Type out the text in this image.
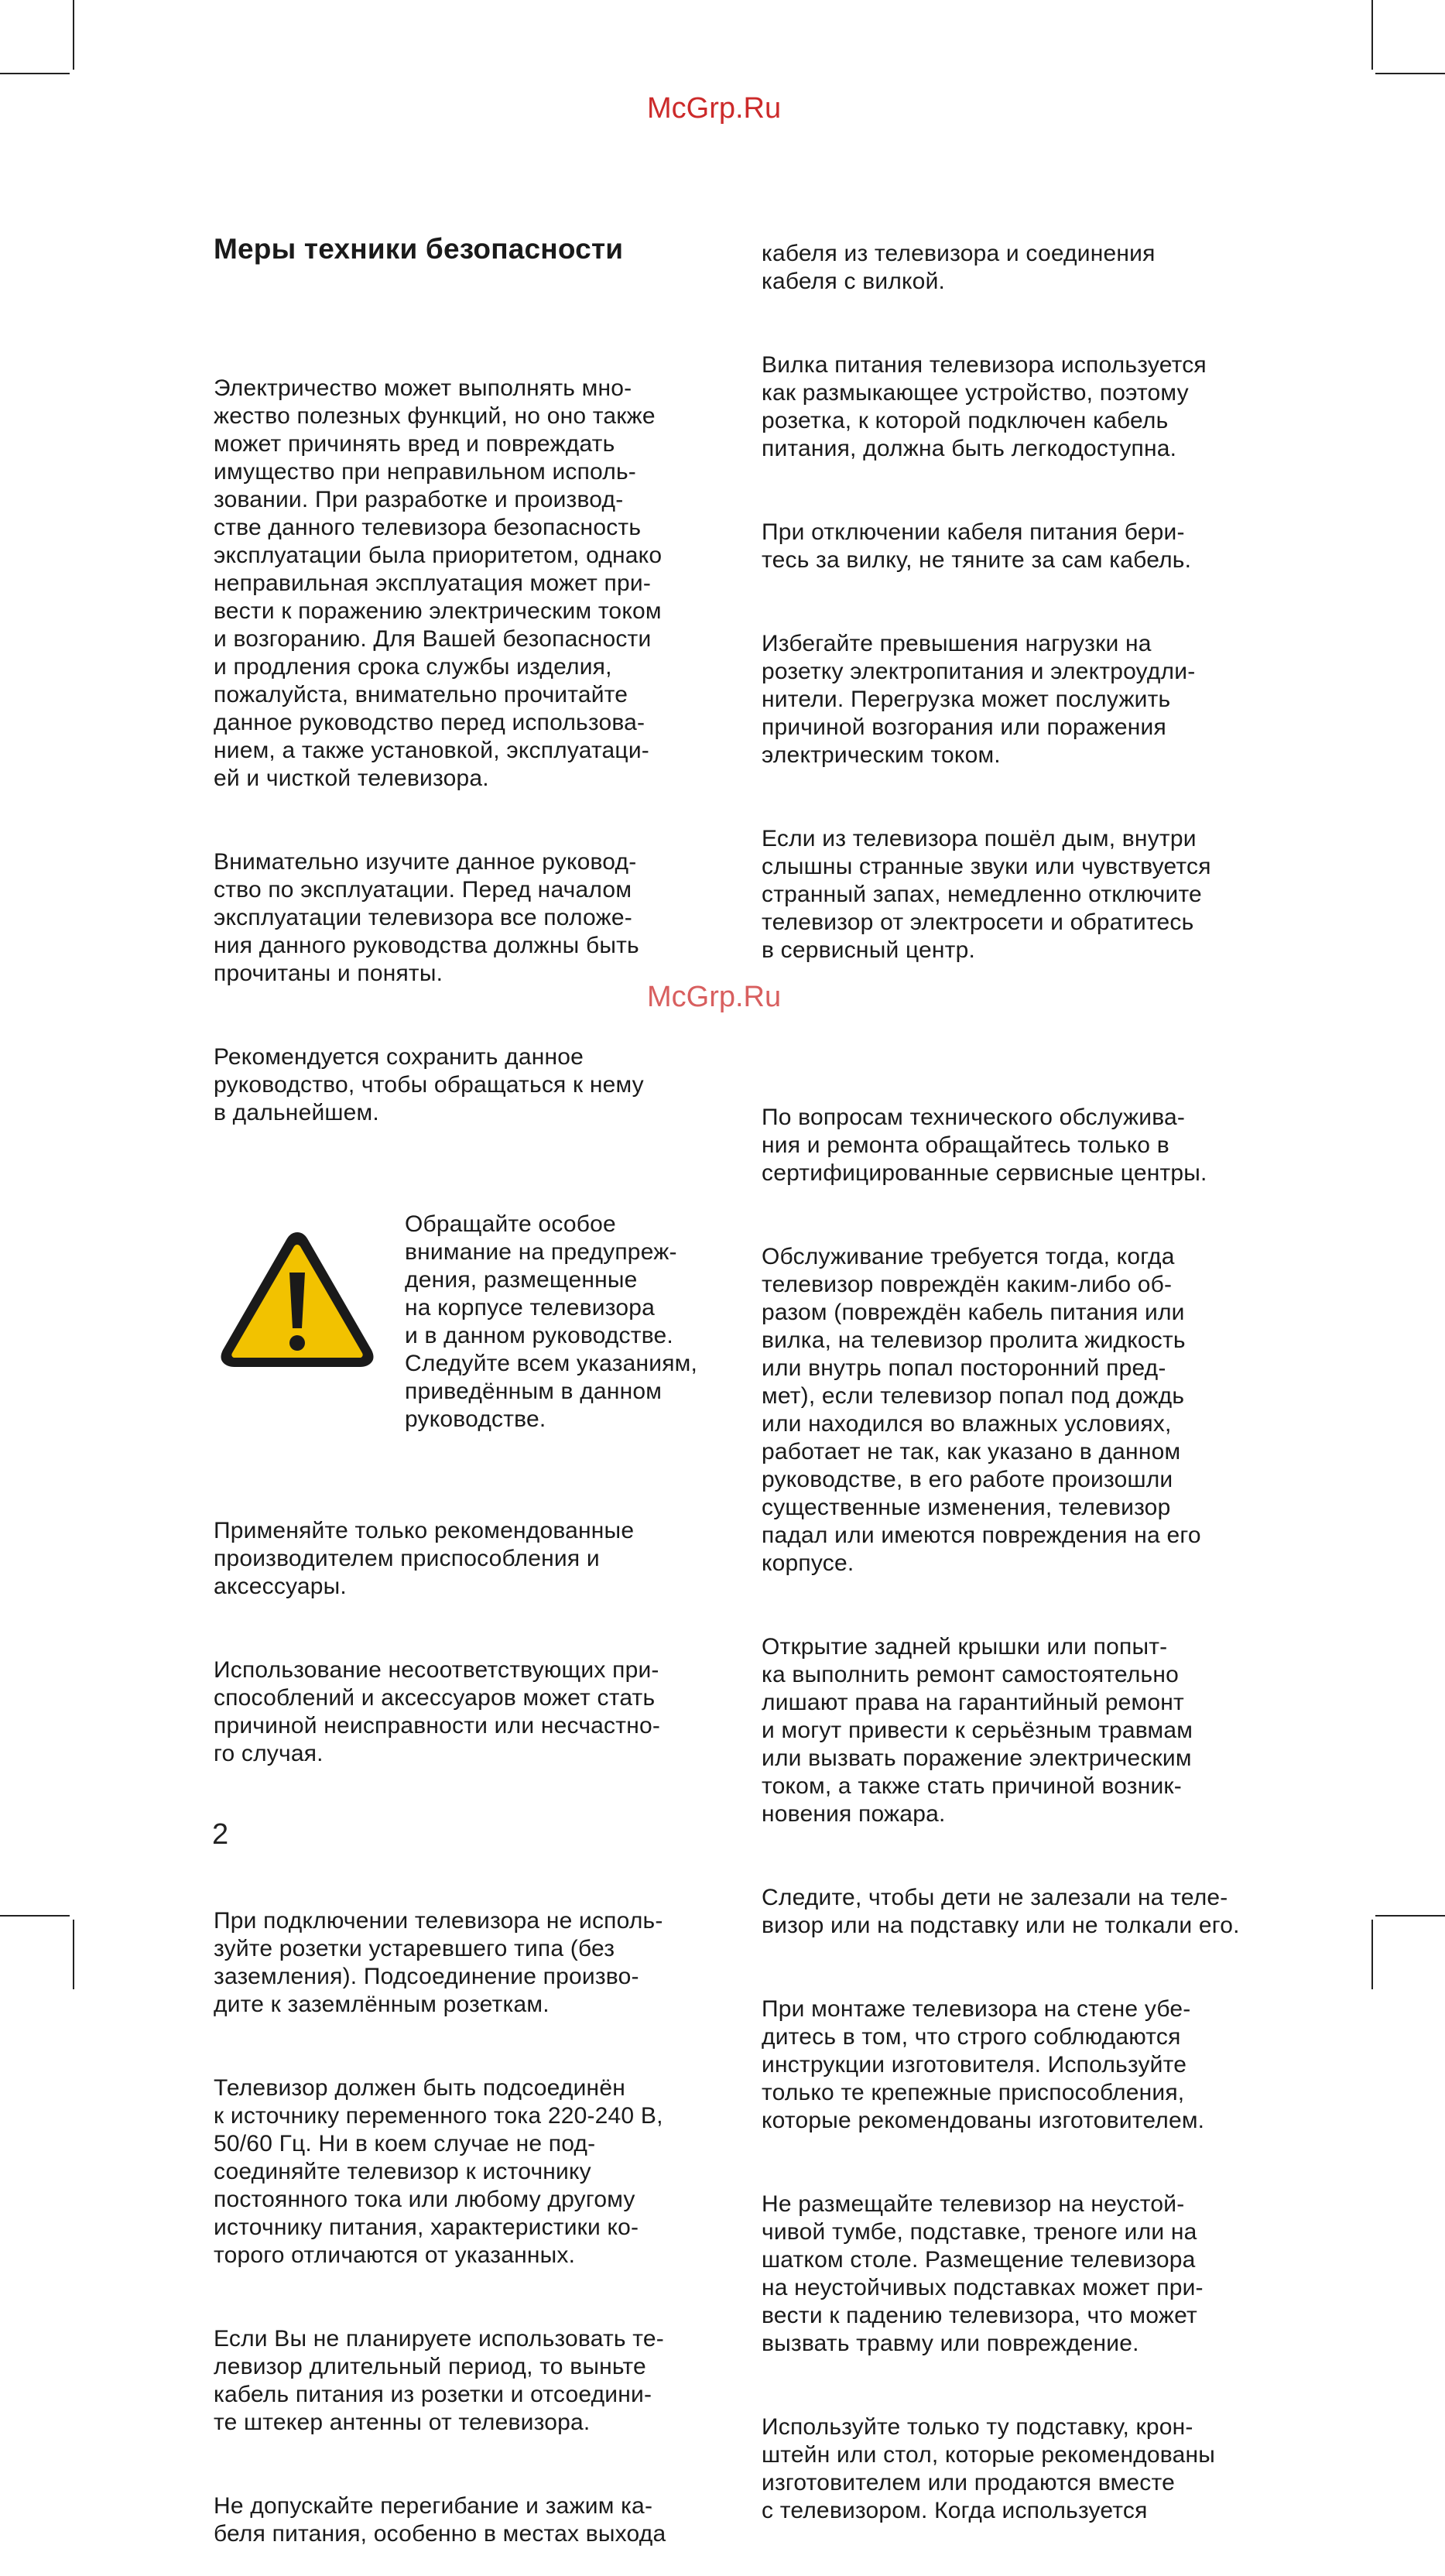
McGrp.Ru

Меры техники безопасности

Электричество может выполнять мно-
жество полезных функций, но оно также
может причинять вред и повреждать
имущество при неправильном исполь-
зовании. При разработке и производ-
стве данного телевизора безопасность
эксплуатации была приоритетом, однако
неправильная эксплуатация может при-
вести к поражению электрическим током
и возгоранию. Для Вашей безопасности
и продления срока службы изделия,
пожалуйста, внимательно прочитайте
данное руководство перед использова-
нием, а также установкой, эксплуатаци-
ей и чисткой телевизора.

Внимательно изучите данное руковод-
ство по эксплуатации. Перед началом
эксплуатации телевизора все положе-
ния данного руководства должны быть
прочитаны и поняты.

Рекомендуется сохранить данное
руководство, чтобы обращаться к нему
в дальнейшем.

Обращайте особое
внимание на предупреж-
дения, размещенные
на корпусе телевизора
и в данном руководстве.
Следуйте всем указаниям,
приведённым в данном
руководстве.

Применяйте только рекомендованные
производителем приспособления и
аксессуары.

Использование несоответствующих при-
способлений и аксессуаров может стать
причиной неисправности или несчастно-
го случая.

При подключении телевизора не исполь-
зуйте розетки устаревшего типа (без
заземления). Подсоединение произво-
дите к заземлённым розеткам.

Телевизор должен быть подсоединён
к источнику переменного тока 220-240 В,
50/60 Гц. Ни в коем случае не под-
соединяйте телевизор к источнику
постоянного тока или любому другому
источнику питания, характеристики ко-
торого отличаются от указанных.

Если Вы не планируете использовать те-
левизор длительный период, то выньте
кабель питания из розетки и отсоедини-
те штекер антенны от телевизора.

Не допускайте перегибание и зажим ка-
беля питания, особенно в местах выхода

кабеля из телевизора и соединения
кабеля с вилкой.

Вилка питания телевизора используется
как размыкающее устройство, поэтому
розетка, к которой подключен кабель
питания, должна быть легкодоступна.

При отключении кабеля питания бери-
тесь за вилку, не тяните за сам кабель.

Избегайте превышения нагрузки на
розетку электропитания и электроудли-
нители. Перегрузка может послужить
причиной возгорания или поражения
электрическим током.

Если из телевизора пошёл дым, внутри
слышны странные звуки или чувствуется
странный запах, немедленно отключите
телевизор от электросети и обратитесь
в сервисный центр.

По вопросам технического обслужива-
ния и ремонта обращайтесь только в
сертифицированные сервисные центры.

Обслуживание требуется тогда, когда
телевизор повреждён каким-либо об-
разом (повреждён кабель питания или
вилка, на телевизор пролита жидкость
или внутрь попал посторонний пред-
мет), если телевизор попал под дождь
или находился во влажных условиях,
работает не так, как указано в данном
руководстве, в его работе произошли
существенные изменения, телевизор
падал или имеются повреждения на его
корпусе.

Открытие задней крышки или попыт-
ка выполнить ремонт самостоятельно
лишают права на гарантийный ремонт
и могут привести к серьёзным травмам
или вызвать поражение электрическим
током, а также стать причиной возник-
новения пожара.

Следите, чтобы дети не залезали на теле-
визор или на подставку или не толкали его.

При монтаже телевизора на стене убе-
дитесь в том, что строго соблюдаются
инструкции изготовителя. Используйте
только те крепежные приспособления,
которые рекомендованы изготовителем.

Не размещайте телевизор на неустой-
чивой тумбе, подставке, треноге или на
шатком столе. Размещение телевизора
на неустойчивых подставках может при-
вести к падению телевизора, что может
вызвать травму или повреждение.

Используйте только ту подставку, крон-
штейн или стол, которые рекомендованы
изготовителем или продаются вместе
с телевизором. Когда используется

McGrp.Ru
2
